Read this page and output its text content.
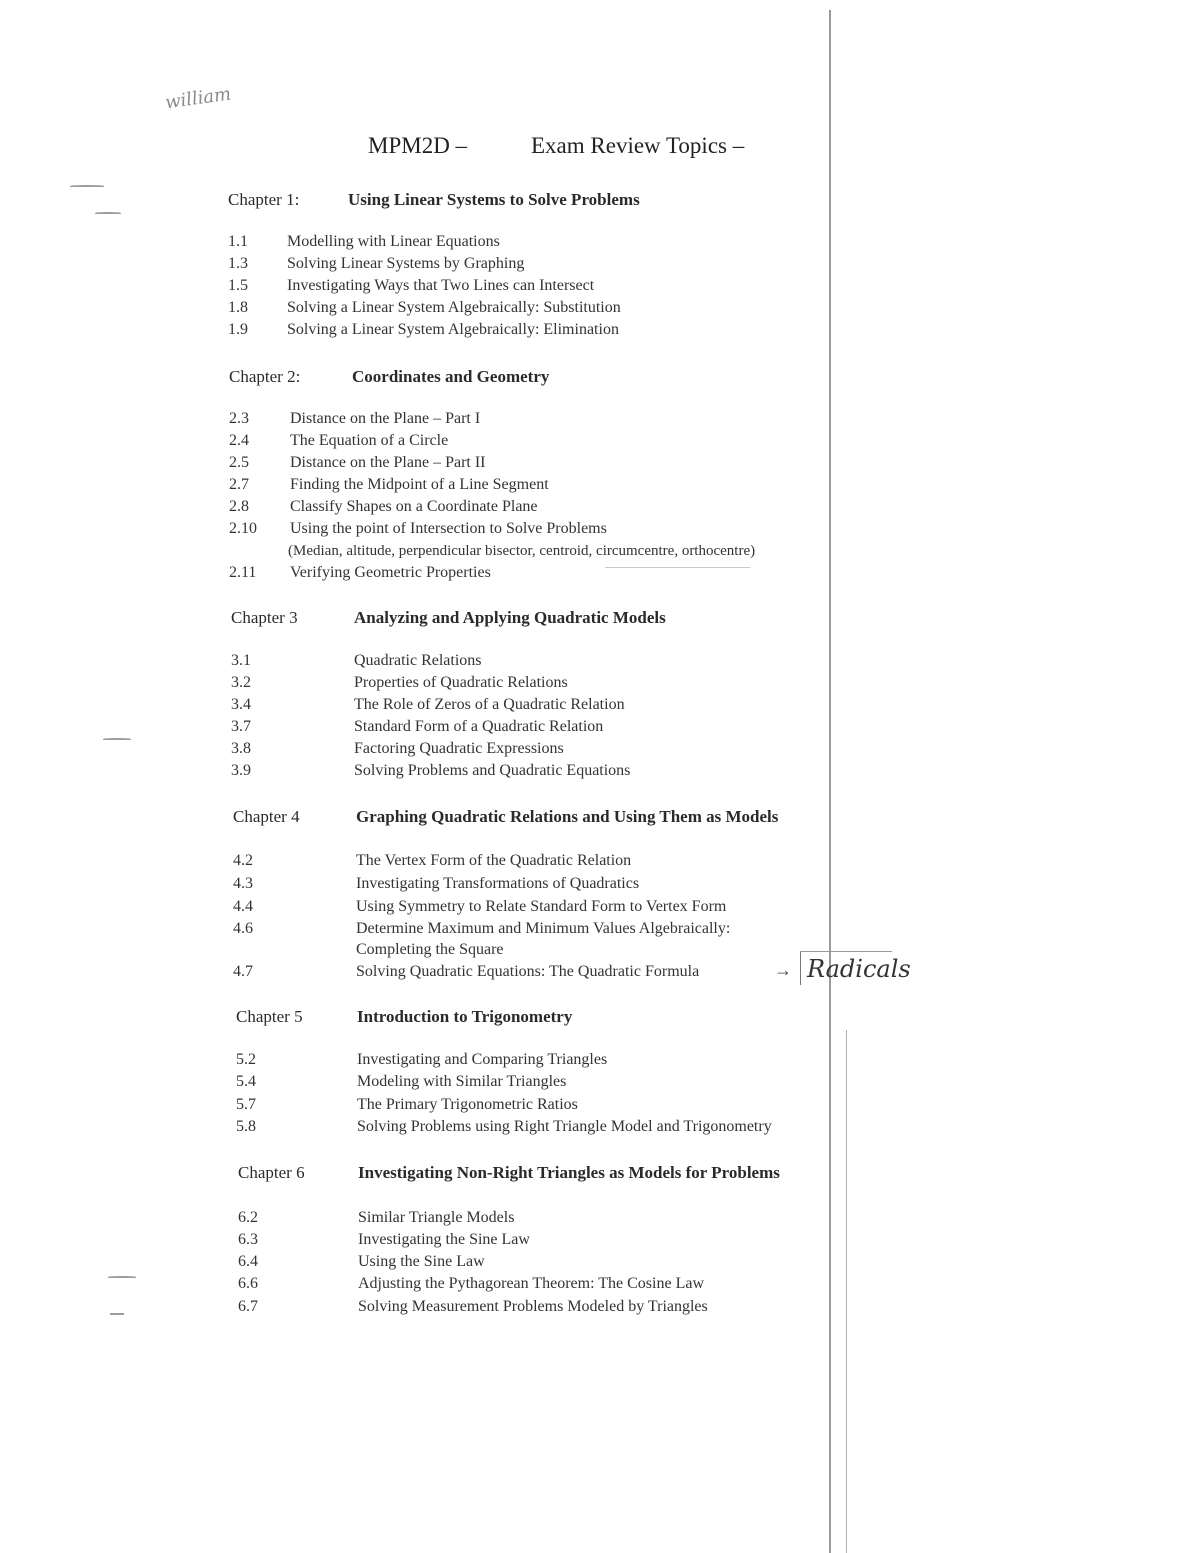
william
MPM2D –	Exam Review Topics –
Chapter 1:	Using Linear Systems to Solve Problems
1.1 Modelling with Linear Equations
1.3 Solving Linear Systems by Graphing
1.5 Investigating Ways that Two Lines can Intersect
1.8 Solving a Linear System Algebraically: Substitution
1.9 Solving a Linear System Algebraically: Elimination
Chapter 2:	Coordinates and Geometry
2.3	Distance on the Plane – Part I
2.4	The Equation of a Circle
2.5	Distance on the Plane – Part II
2.7	Finding the Midpoint of a Line Segment
2.8	Classify Shapes on a Coordinate Plane
2.10 Using the point of Intersection to Solve Problems
(Median, altitude, perpendicular bisector, centroid, circumcentre, orthocentre)
2.11 Verifying Geometric Properties
Chapter 3	Analyzing and Applying Quadratic Models
3.1	Quadratic Relations
3.2	Properties of Quadratic Relations
3.4	The Role of Zeros of a Quadratic Relation
3.7	Standard Form of a Quadratic Relation
3.8	Factoring Quadratic Expressions
3.9	Solving Problems and Quadratic Equations
Chapter 4	Graphing Quadratic Relations and Using Them as Models
4.2	The Vertex Form of the Quadratic Relation
4.3	Investigating Transformations of Quadratics
4.4	Using Symmetry to Relate Standard Form to Vertex Form
4.6	Determine Maximum and Minimum Values Algebraically:
Completing the Square
4.7	Solving Quadratic Equations: The Quadratic Formula	→ Radicals
Chapter 5	Introduction to Trigonometry
5.2	Investigating and Comparing Triangles
5.4	Modeling with Similar Triangles
5.7	The Primary Trigonometric Ratios
5.8	Solving Problems using Right Triangle Model and Trigonometry
Chapter 6	Investigating Non-Right Triangles as Models for Problems
6.2	Similar Triangle Models
6.3	Investigating the Sine Law
6.4	Using the Sine Law
6.6	Adjusting the Pythagorean Theorem: The Cosine Law
6.7	Solving Measurement Problems Modeled by Triangles
